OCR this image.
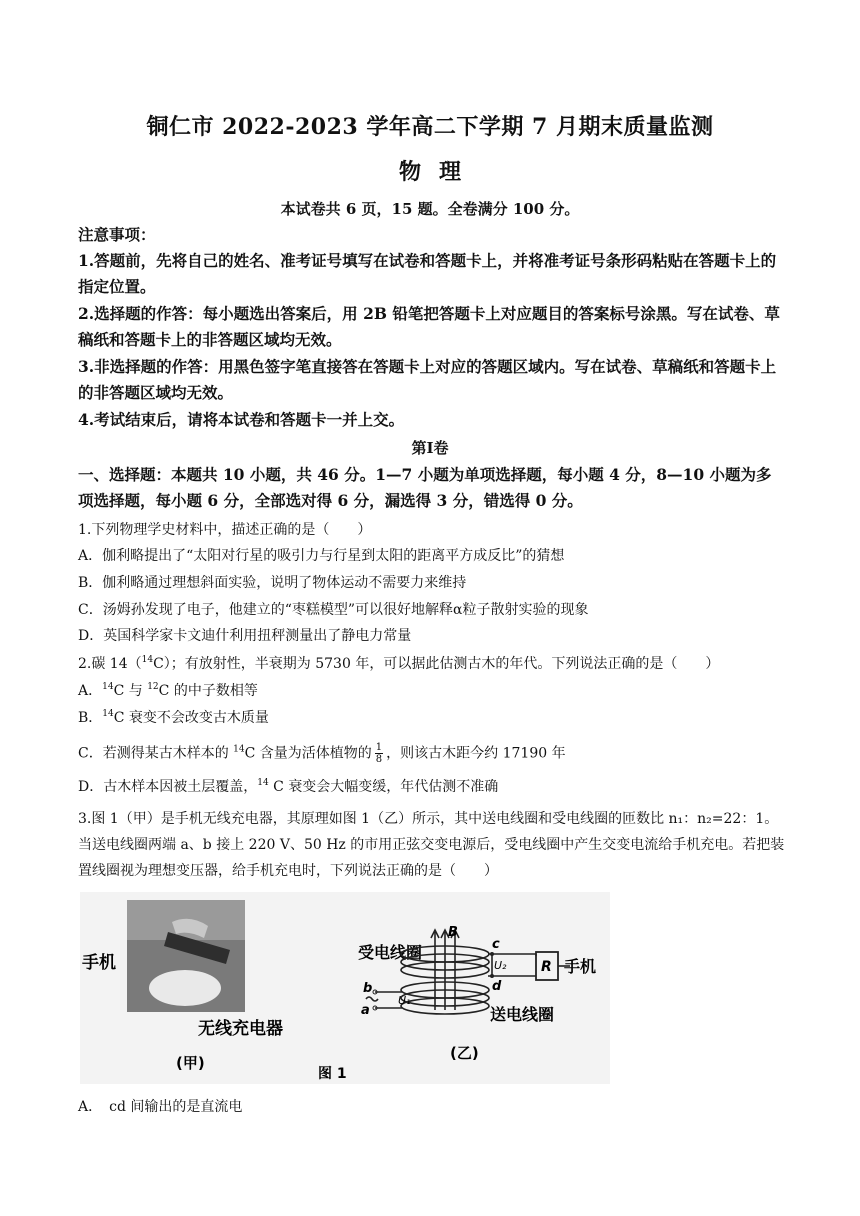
铜仁市 2022-2023 学年高二下学期 7 月期末质量监测
物理
本试卷共 6 页，15 题。全卷满分 100 分。
注意事项：
1.答题前，先将自己的姓名、准考证号填写在试卷和答题卡上，并将准考证号条形码粘贴在答题卡上的指定位置。
2.选择题的作答：每小题选出答案后，用 2B 铅笔把答题卡上对应题目的答案标号涂黑。写在试卷、草稿纸和答题卡上的非答题区域均无效。
3.非选择题的作答：用黑色签字笔直接答在答题卡上对应的答题区域内。写在试卷、草稿纸和答题卡上的非答题区域均无效。
4.考试结束后，请将本试卷和答题卡一并上交。
第Ⅰ卷
一、选择题：本题共 10 小题，共 46 分。1—7 小题为单项选择题，每小题 4 分，8—10 小题为多项选择题，每小题 6 分，全部选对得 6 分，漏选得 3 分，错选得 0 分。
1.下列物理学史材料中，描述正确的是（　　）
A．伽利略提出了“太阳对行星的吸引力与行星到太阳的距离平方成反比”的猜想
B．伽利略通过理想斜面实验，说明了物体运动不需要力来维持
C．汤姆孙发现了电子，他建立的“枣糕模型”可以很好地解释α粒子散射实验的现象
D．英国科学家卡文迪什利用扭秤测量出了静电力常量
2.碳 14（$^{14}$C）；有放射性，半衰期为 5730 年，可以据此估测古木的年代。下列说法正确的是（　　）
A．$^{14}$C 与 $^{12}$C 的中子数相等
B．$^{14}$C 衰变不会改变古木质量
C．若测得某古木样本的 $^{14}$C 含量为活体植物的 $\frac{1}{8}$ ，则该古木距今约 17190 年
D．古木样本因被土层覆盖，$^{14}$ C 衰变会大幅变缓，年代估测不准确
3.图 1（甲）是手机无线充电器，其原理如图 1（乙）所示，其中送电线圈和受电线圈的匝数比 n₁：n₂=22：1。当送电线圈两端 a、b 接上 220 V、50 Hz 的市用正弦交变电源后，受电线圈中产生交变电流给手机充电。若把装置线圈视为理想变压器，给手机充电时，下列说法正确的是（　　）
手机
无线充电器
(甲)
受电线圈
送电线圈
B
c
d
U₂ R 手机
b
a
U₁
(乙)
图 1
A．　cd 间输出的是直流电
